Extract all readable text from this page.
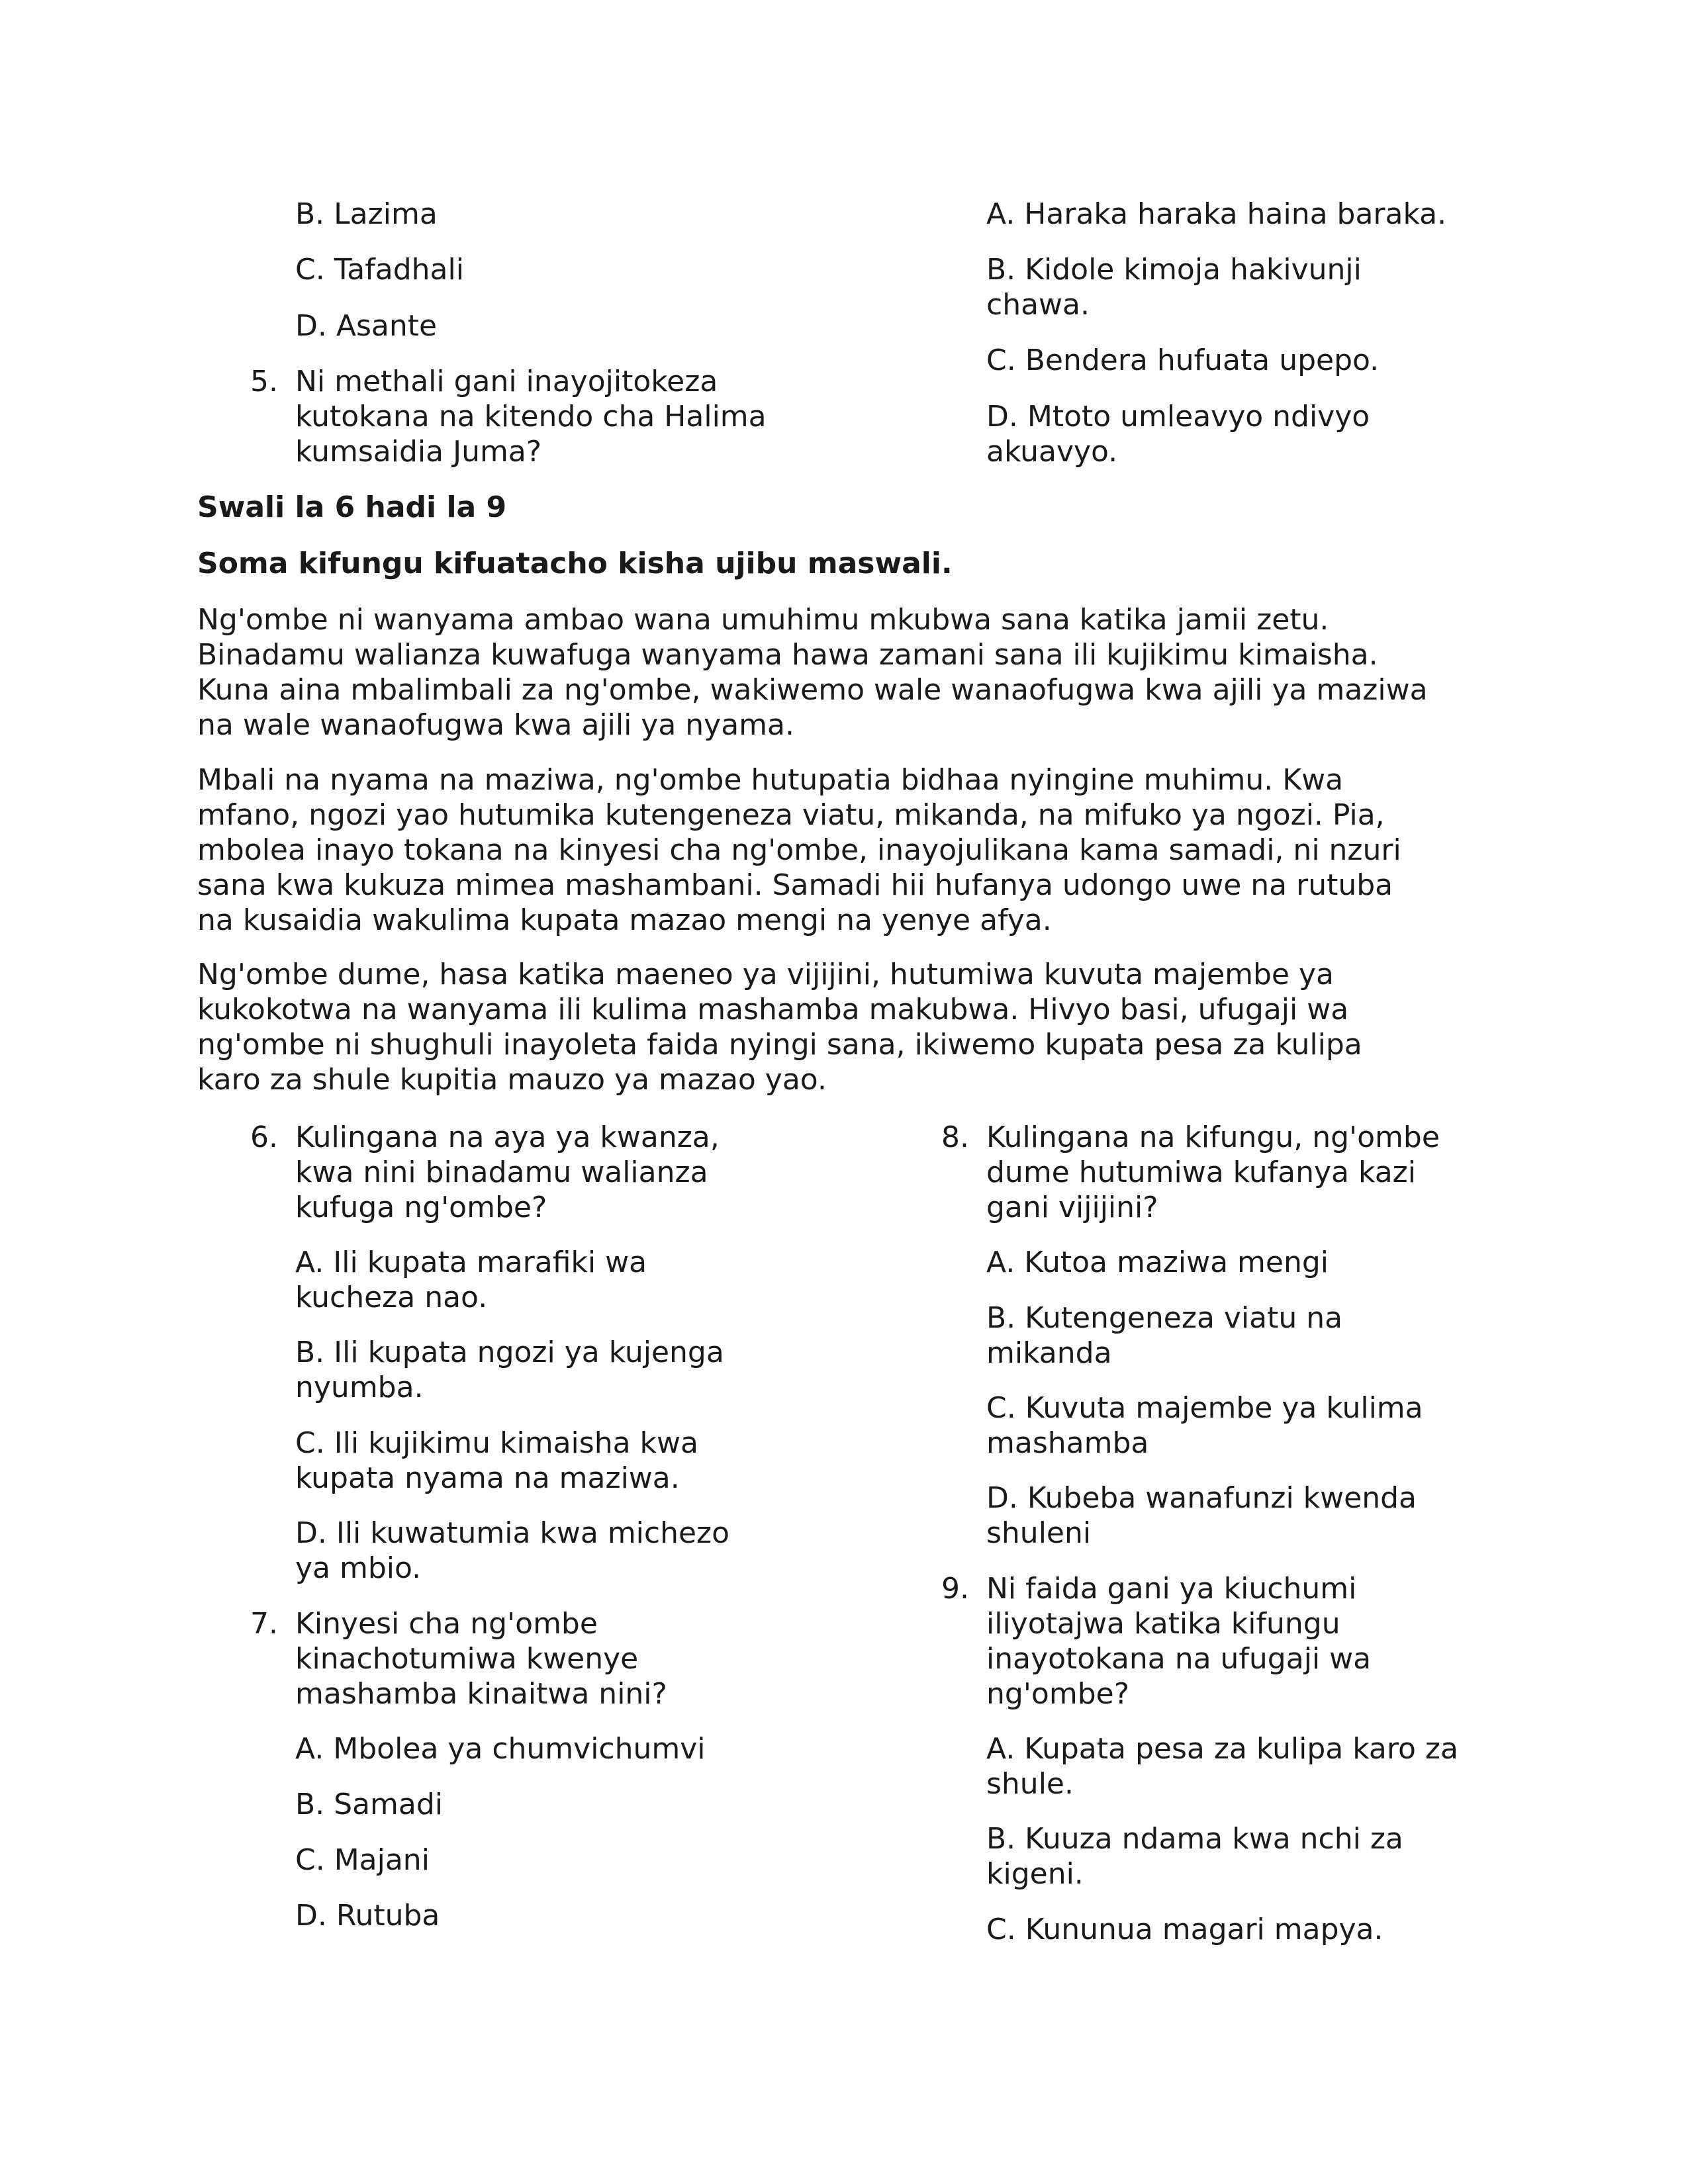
B. Lazima
C. Tafadhali
D. Asante
5. Ni methali gani inayojitokeza
kutokana na kitendo cha Halima
kumsaidia Juma?
A. Haraka haraka haina baraka.
B. Kidole kimoja hakivunji
chawa.
C. Bendera hufuata upepo.
D. Mtoto umleavyo ndivyo
akuavyo.
Swali la 6 hadi la 9
Soma kifungu kifuatacho kisha ujibu maswali.
Ng'ombe ni wanyama ambao wana umuhimu mkubwa sana katika jamii zetu.
Binadamu walianza kuwafuga wanyama hawa zamani sana ili kujikimu kimaisha.
Kuna aina mbalimbali za ng'ombe, wakiwemo wale wanaofugwa kwa ajili ya maziwa
na wale wanaofugwa kwa ajili ya nyama.
Mbali na nyama na maziwa, ng'ombe hutupatia bidhaa nyingine muhimu. Kwa
mfano, ngozi yao hutumika kutengeneza viatu, mikanda, na mifuko ya ngozi. Pia,
mbolea inayo tokana na kinyesi cha ng'ombe, inayojulikana kama samadi, ni nzuri
sana kwa kukuza mimea mashambani. Samadi hii hufanya udongo uwe na rutuba
na kusaidia wakulima kupata mazao mengi na yenye afya.
Ng'ombe dume, hasa katika maeneo ya vijijini, hutumiwa kuvuta majembe ya
kukokotwa na wanyama ili kulima mashamba makubwa. Hivyo basi, ufugaji wa
ng'ombe ni shughuli inayoleta faida nyingi sana, ikiwemo kupata pesa za kulipa
karo za shule kupitia mauzo ya mazao yao.
6. Kulingana na aya ya kwanza,
kwa nini binadamu walianza
kufuga ng'ombe?
A. Ili kupata marafiki wa
kucheza nao.
B. Ili kupata ngozi ya kujenga
nyumba.
C. Ili kujikimu kimaisha kwa
kupata nyama na maziwa.
D. Ili kuwatumia kwa michezo
ya mbio.
7. Kinyesi cha ng'ombe
kinachotumiwa kwenye
mashamba kinaitwa nini?
A. Mbolea ya chumvichumvi
B. Samadi
C. Majani
D. Rutuba
8. Kulingana na kifungu, ng'ombe
dume hutumiwa kufanya kazi
gani vijijini?
A. Kutoa maziwa mengi
B. Kutengeneza viatu na
mikanda
C. Kuvuta majembe ya kulima
mashamba
D. Kubeba wanafunzi kwenda
shuleni
9. Ni faida gani ya kiuchumi
iliyotajwa katika kifungu
inayotokana na ufugaji wa
ng'ombe?
A. Kupata pesa za kulipa karo za
shule.
B. Kuuza ndama kwa nchi za
kigeni.
C. Kununua magari mapya.
